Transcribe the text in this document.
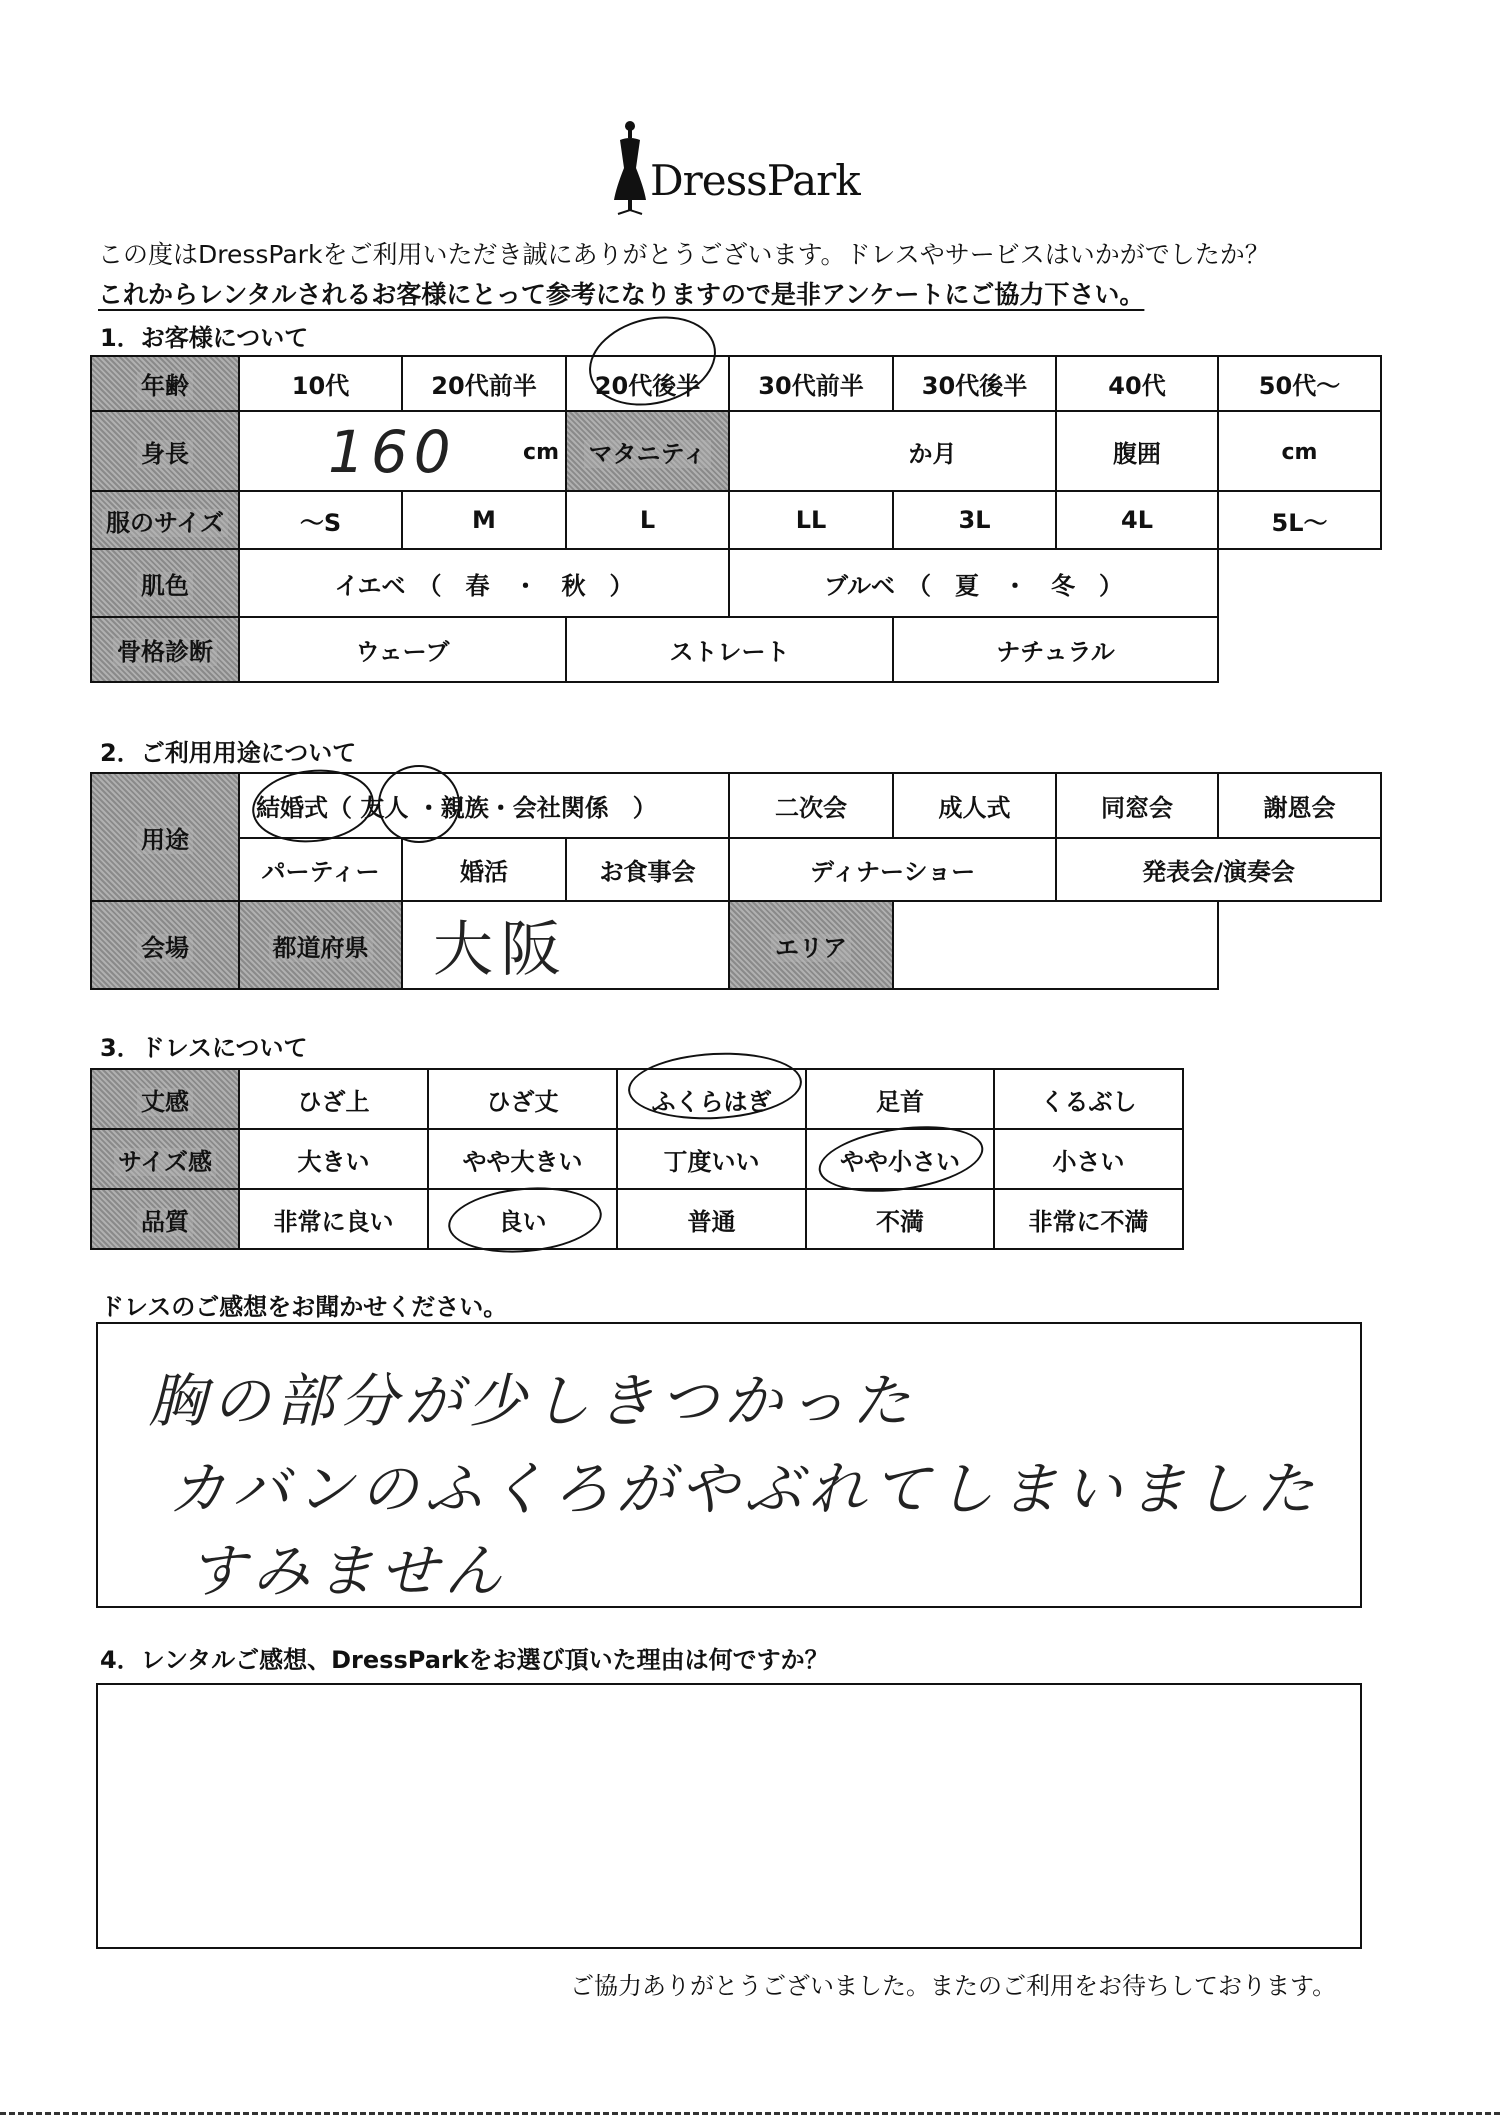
DressPark
この度はDressParkをご利用いただき誠にありがとうございます。ドレスやサービスはいかがでしたか？
これからレンタルされるお客様にとって参考になりますので是非アンケートにご協力下さい。
1．お客様について
年齢	10代	20代前半	20代後半	30代前半	30代後半	40代	50代～
身長	160 cm		マタニティ	か月		腹囲	cm
服のサイズ	～S	M	L	LL	3L	4L	5L～
肌色	イエベ　（　春　・　秋　）			ブルベ　（　夏　・　冬　）			
骨格診断	ウェーブ		ストレート		ナチュラル		
2．ご利用用途について
用途	結婚式（ 友人 ・親族・会社関係　）			二次会	成人式	同窓会	謝恩会
	パーティー	婚活	お食事会	ディナーショー		発表会/演奏会	
会場	都道府県	大阪		エリア			
3．ドレスについて
丈感	ひざ上	ひざ丈	ふくらはぎ	足首	くるぶし
サイズ感	大きい	やや大きい	丁度いい	やや小さい	小さい
品質	非常に良い	良い	普通	不満	非常に不満
ドレスのご感想をお聞かせください。
胸の部分が少しきつかった
カバンのふくろがやぶれてしまいました
すみません
4．レンタルご感想、DressParkをお選び頂いた理由は何ですか？
ご協力ありがとうございました。またのご利用をお待ちしております。
